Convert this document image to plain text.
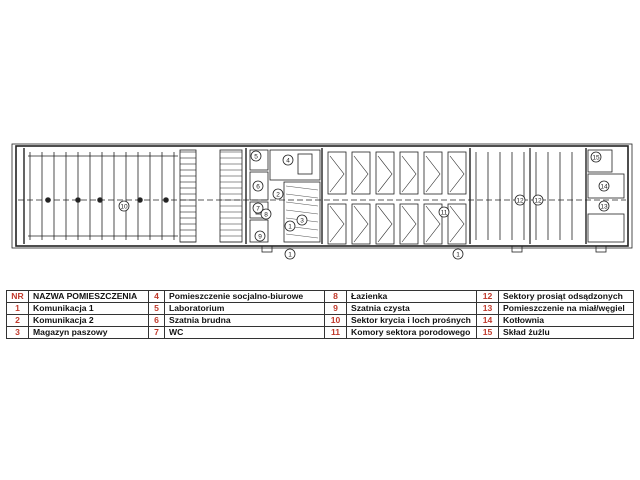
1
2
3
4
5
6
7
8
9
10
11
12 12
13
14
15
1	1
NR	NAZWA POMIESZCZENIA	4	Pomieszczenie socjalno-biurowe	8	Łazienka	12	Sektory prosiąt odsądzonych
1	Komunikacja 1	5	Laboratorium	9	Szatnia czysta	13	Pomieszczenie na miał/węgiel
2	Komunikacja 2	6	Szatnia brudna	10	Sektor krycia i loch prośnych	14	Kotłownia
3	Magazyn paszowy	7	WC	11	Komory sektora porodowego	15	Skład żużlu
